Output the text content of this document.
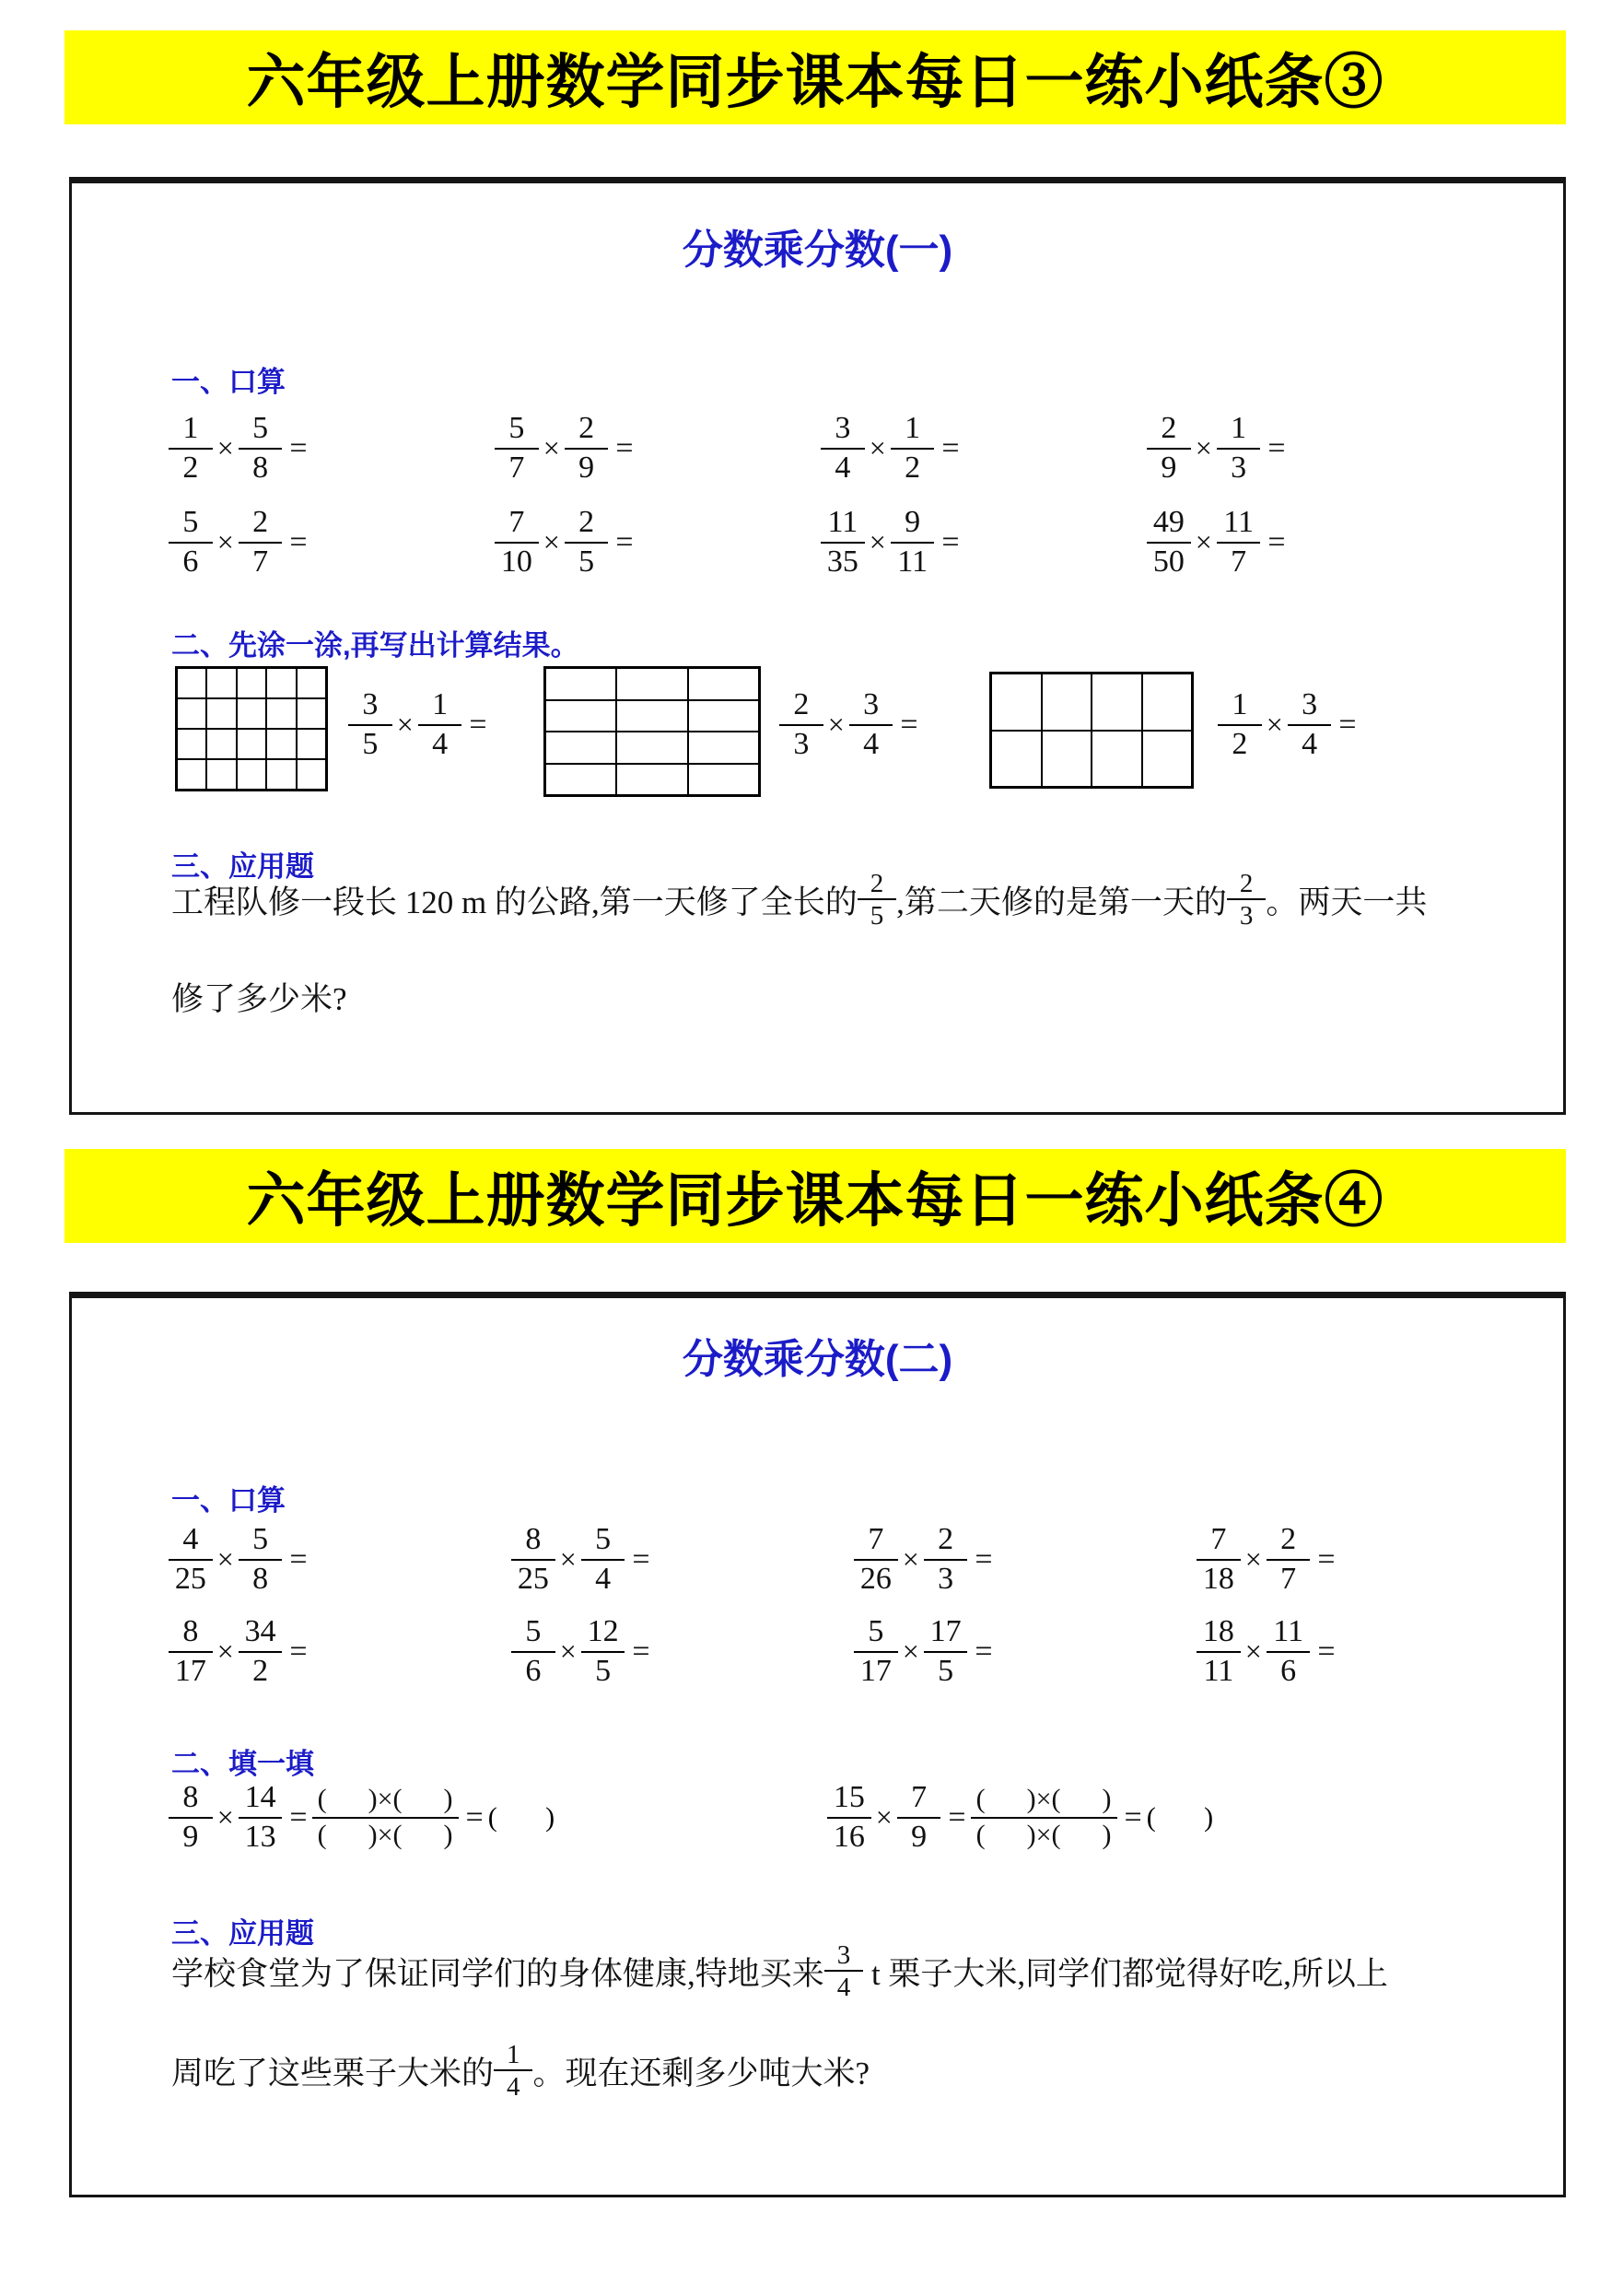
六年级上册数学同步课本每日一练小纸条③
分数乘分数(一)
一、口算
$\frac{1}{2} \times \frac{5}{8}$ =	$\frac{5}{7} \times \frac{2}{9}$ =	$\frac{3}{4} \times \frac{1}{2}$ =	$\frac{2}{9} \times \frac{1}{3}$ =
$\frac{5}{6} \times \frac{2}{7}$ =	$\frac{7}{10} \times \frac{2}{5}$ =	$\frac{11}{35} \times \frac{9}{11}$ =	$\frac{49}{50} \times \frac{11}{7}$ =
二、先涂一涂,再写出计算结果。
$\frac{3}{5} \times \frac{1}{4}$ =	$\frac{2}{3} \times \frac{3}{4}$ =	$\frac{1}{2} \times \frac{3}{4}$ =
三、应用题
工程队修一段长 120 m 的公路,第一天修了全长的 $\frac{2}{5}$ ,第二天修的是第一天的 $\frac{2}{3}$ 。两天一共
修了多少米?
六年级上册数学同步课本每日一练小纸条④
分数乘分数(二)
一、口算
$\frac{4}{25} \times \frac{5}{8}$ =	$\frac{8}{25} \times \frac{5}{4}$ =	$\frac{7}{26} \times \frac{2}{3}$ =	$\frac{7}{18} \times \frac{2}{7}$ =
$\frac{8}{17} \times \frac{34}{2}$ =	$\frac{5}{6} \times \frac{12}{5}$ =	$\frac{5}{17} \times \frac{17}{5}$ =	$\frac{18}{11} \times \frac{11}{6}$ =
二、填一填
$\frac{8}{9} \times \frac{14}{13} = \frac{( )\times( )}{( )\times( )}$ = (       )	$\frac{15}{16} \times \frac{7}{9} = \frac{( )\times( )}{( )\times( )}$ = (       )
三、应用题
学校食堂为了保证同学们的身体健康,特地买来 $\frac{3}{4}$ t 栗子大米,同学们都觉得好吃,所以上
周吃了这些栗子大米的 $\frac{1}{4}$ 。现在还剩多少吨大米?
